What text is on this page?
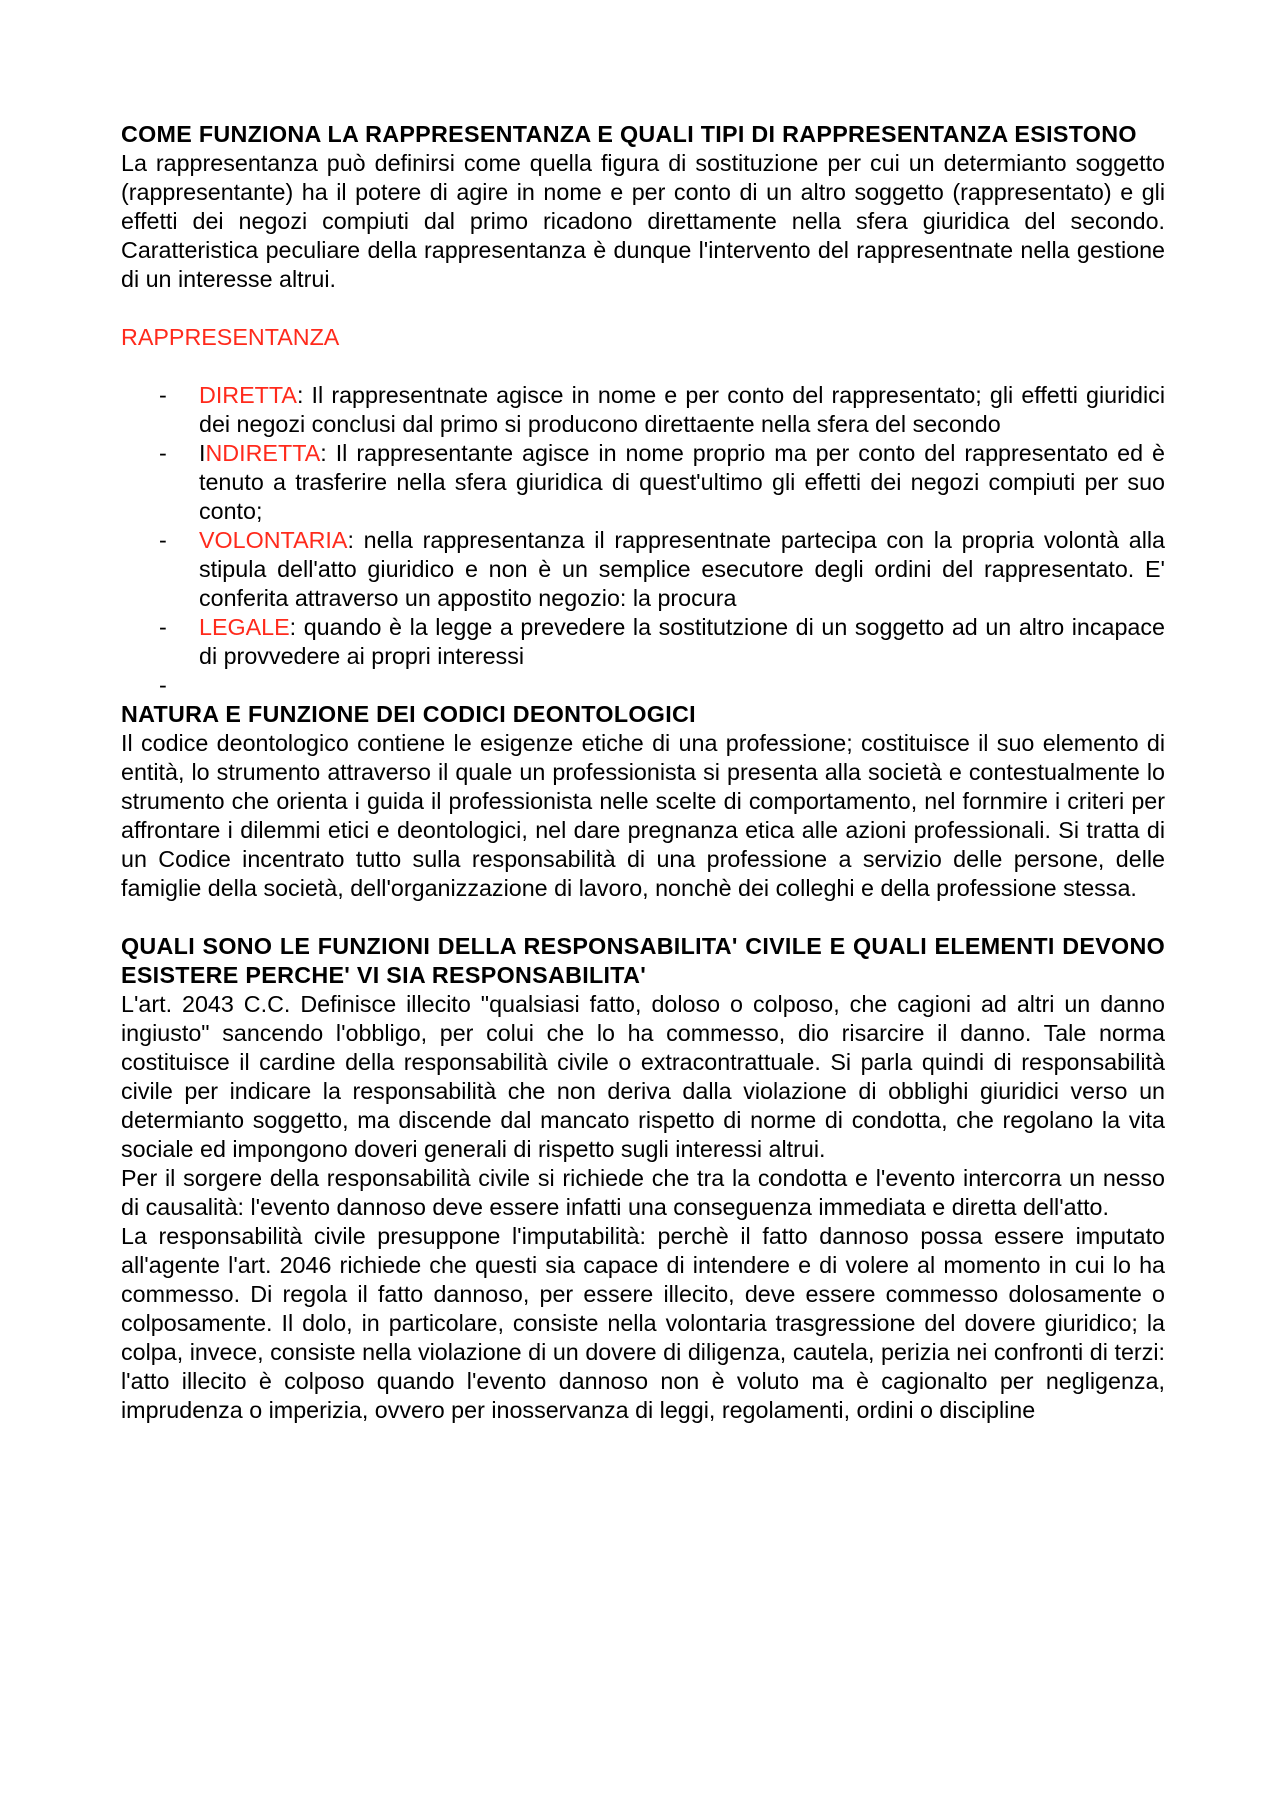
COME FUNZIONA LA RAPPRESENTANZA E QUALI TIPI DI RAPPRESENTANZA ESISTONO

La rappresentanza può definirsi come quella figura di sostituzione per cui un determianto soggetto (rappresentante) ha il potere di agire in nome e per conto di un altro soggetto (rappresentato) e gli effetti dei negozi compiuti dal primo ricadono direttamente nella sfera giuridica del secondo. Caratteristica peculiare della rappresentanza è dunque l'intervento del rappresentnate nella gestione di un interesse altrui.

RAPPRESENTANZA
- DIRETTA: Il rappresentnate agisce in nome e per conto del rappresentato; gli effetti giuridici dei negozi conclusi dal primo si producono direttaente nella sfera del secondo
- INDIRETTA: Il rappresentante agisce in nome proprio ma per conto del rappresentato ed è tenuto a trasferire nella sfera giuridica di quest'ultimo gli effetti dei negozi compiuti per suo conto;
- VOLONTARIA: nella rappresentanza il rappresentnate partecipa con la propria volontà alla stipula dell'atto giuridico e non è un semplice esecutore degli ordini del rappresentato. E' conferita attraverso un appostito negozio: la procura
- LEGALE: quando è la legge a prevedere la sostitutzione di un soggetto ad un altro incapace di provvedere ai propri interessi
-

NATURA E FUNZIONE DEI CODICI DEONTOLOGICI

Il codice deontologico contiene le esigenze etiche di una professione; costituisce il suo elemento di entità, lo strumento attraverso il quale un professionista si presenta alla società e contestualmente lo strumento che orienta i guida il professionista nelle scelte di comportamento, nel fornmire i criteri per affrontare i dilemmi etici e deontologici, nel dare pregnanza etica alle azioni professionali. Si tratta di un Codice incentrato tutto sulla responsabilità di una professione a servizio delle persone, delle famiglie della società, dell'organizzazione di lavoro, nonchè dei colleghi e della professione stessa.

QUALI SONO LE FUNZIONI DELLA RESPONSABILITA' CIVILE E QUALI ELEMENTI DEVONO ESISTERE PERCHE' VI SIA RESPONSABILITA'

L'art. 2043 C.C. Definisce illecito "qualsiasi fatto, doloso o colposo, che cagioni ad altri un danno ingiusto" sancendo l'obbligo, per colui che lo ha commesso, dio risarcire il danno. Tale norma costituisce il cardine della responsabilità civile o extracontrattuale. Si parla quindi di responsabilità civile per indicare la responsabilità che non deriva dalla violazione di obblighi giuridici verso un determianto soggetto, ma discende dal mancato rispetto di norme di condotta, che regolano la vita sociale ed impongono doveri generali di rispetto sugli interessi altrui.

Per il sorgere della responsabilità civile si richiede che tra la condotta e l'evento intercorra un nesso di causalità: l'evento dannoso deve essere infatti una conseguenza immediata e diretta dell'atto.

La responsabilità civile presuppone l'imputabilità: perchè il fatto dannoso possa essere imputato all'agente l'art. 2046 richiede che questi sia capace di intendere e di volere al momento in cui lo ha commesso. Di regola il fatto dannoso, per essere illecito, deve essere commesso dolosamente o colposamente. Il dolo, in particolare, consiste nella volontaria trasgressione del dovere giuridico; la colpa, invece, consiste nella violazione di un dovere di diligenza, cautela, perizia nei confronti di terzi: l'atto illecito è colposo quando l'evento dannoso non è voluto ma è cagionalto per negligenza, imprudenza o imperizia, ovvero per inosservanza di leggi, regolamenti, ordini o discipline
